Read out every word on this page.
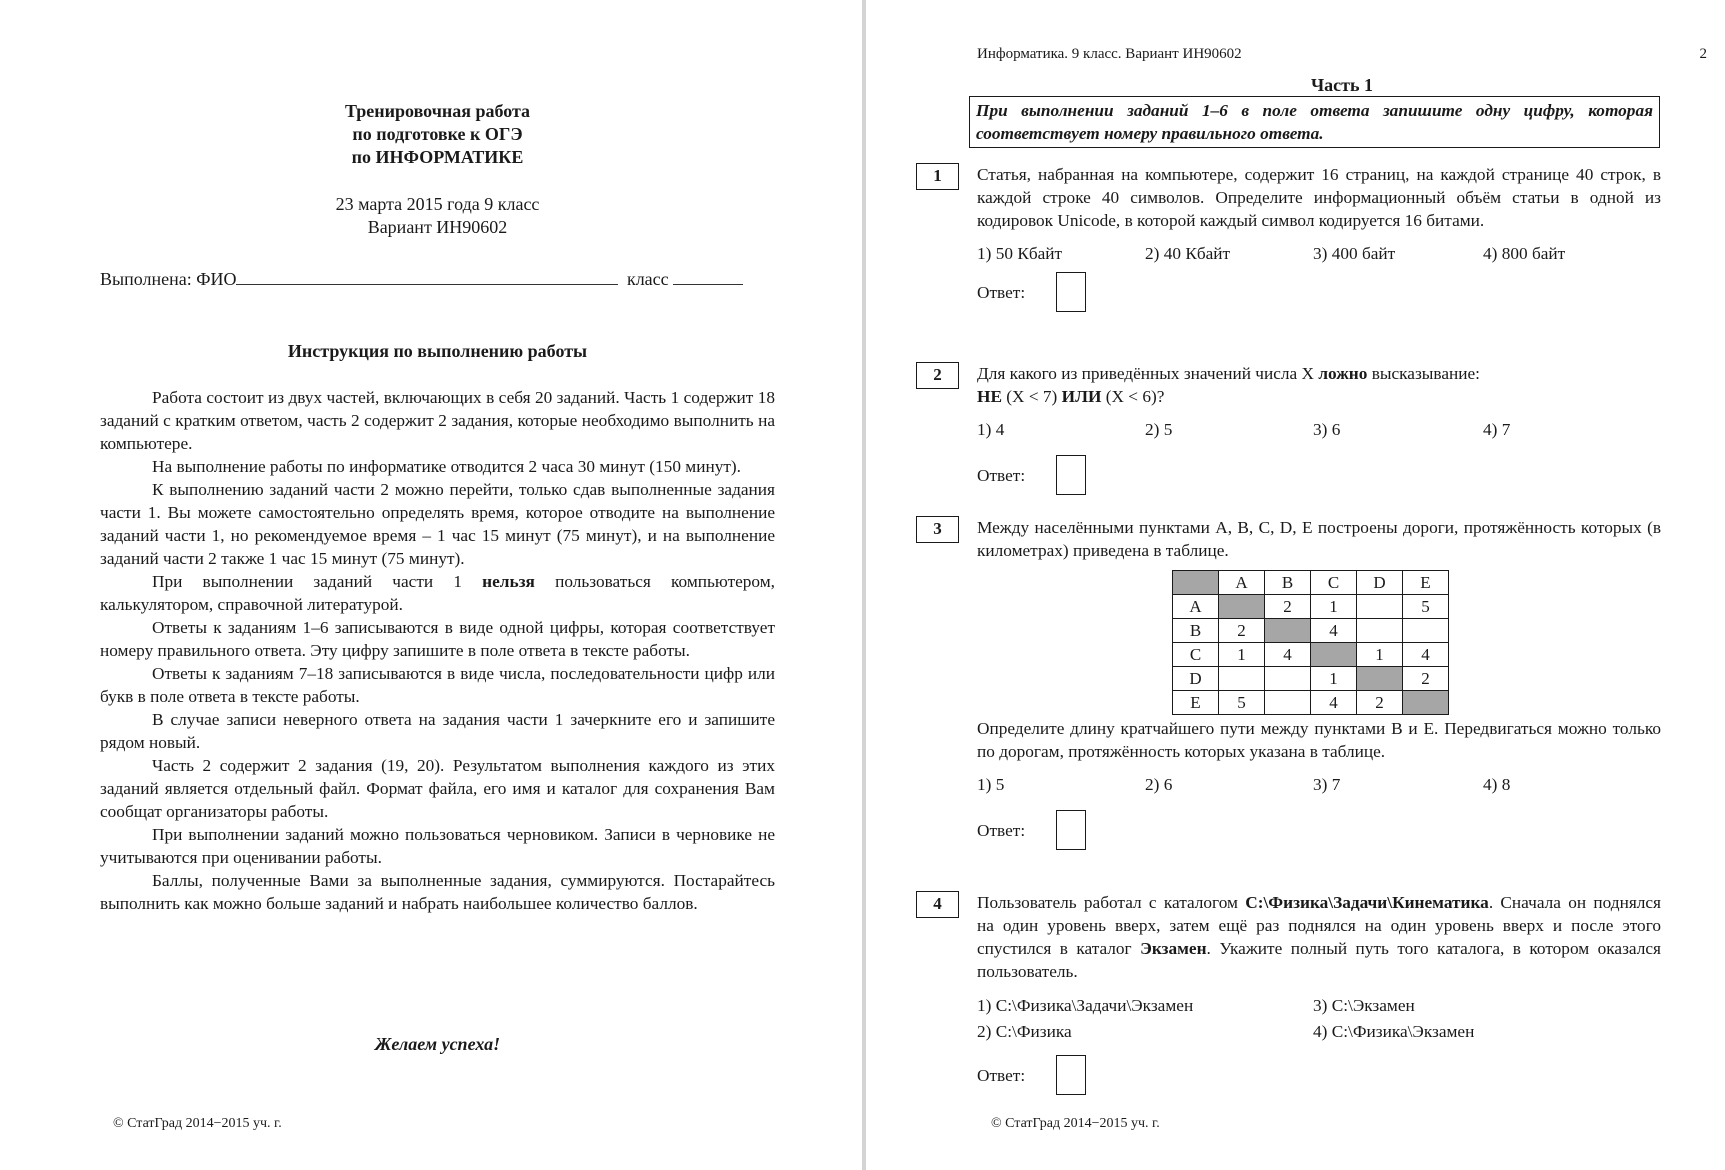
Тренировочная работа
по подготовке к ОГЭ
по ИНФОРМАТИКЕ
23 марта 2015 года 9 класс
Вариант ИН90602
Выполнена: ФИО	класс
Инструкция по выполнению работы

Работа состоит из двух частей, включающих в себя 20 заданий. Часть 1 содержит 18 заданий с кратким ответом, часть 2 содержит 2 задания, которые необходимо выполнить на компьютере.

На выполнение работы по информатике отводится 2 часа 30 минут (150 минут).

К выполнению заданий части 2 можно перейти, только сдав выполненные задания части 1. Вы можете самостоятельно определять время, которое отводите на выполнение заданий части 1, но рекомендуемое время – 1 час 15 минут (75 минут), и на выполнение заданий части 2 также 1 час 15 минут (75 минут).

При выполнении заданий части 1 нельзя пользоваться компьютером, калькулятором, справочной литературой.

Ответы к заданиям 1–6 записываются в виде одной цифры, которая соответствует номеру правильного ответа. Эту цифру запишите в поле ответа в тексте работы.

Ответы к заданиям 7–18 записываются в виде числа, последовательности цифр или букв в поле ответа в тексте работы.

В случае записи неверного ответа на задания части 1 зачеркните его и запишите рядом новый.

Часть 2 содержит 2 задания (19, 20). Результатом выполнения каждого из этих заданий является отдельный файл. Формат файла, его имя и каталог для сохранения Вам сообщат организаторы работы.

При выполнении заданий можно пользоваться черновиком. Записи в черновике не учитываются при оценивании работы.

Баллы, полученные Вами за выполненные задания, суммируются. Постарайтесь выполнить как можно больше заданий и набрать наибольшее количество баллов.

Желаем успеха!
© СтатГрад 2014−2015 уч. г.
Информатика. 9 класс. Вариант ИН90602	2
Часть 1
При выполнении заданий 1–6 в поле ответа запишите одну цифру, которая соответствует номеру правильного ответа.
1	Статья, набранная на компьютере, содержит 16 страниц, на каждой странице 40 строк, в каждой строке 40 символов. Определите информационный объём статьи в одной из кодировок Unicode, в которой каждый символ кодируется 16 битами.
1) 50 Кбайт	2) 40 Кбайт	3) 400 байт	4) 800 байт
Ответ:
2	Для какого из приведённых значений числа X ложно высказывание:
НЕ (X < 7) ИЛИ (X < 6)?
1) 4	2) 5	3) 6	4) 7
Ответ:
3	Между населёнными пунктами A, B, C, D, E построены дороги, протяжённость которых (в километрах) приведена в таблице.
	A	B	C	D	E
A		2	1		5
B	2		4		
C	1	4		1	4
D			1		2
E	5		4	2	
Определите длину кратчайшего пути между пунктами B и E. Передвигаться можно только по дорогам, протяжённость которых указана в таблице.
1) 5	2) 6	3) 7	4) 8
Ответ:
4	Пользователь работал с каталогом С:\Физика\Задачи\Кинематика. Сначала он поднялся на один уровень вверх, затем ещё раз поднялся на один уровень вверх и после этого спустился в каталог Экзамен. Укажите полный путь того каталога, в котором оказался пользователь.
1) С:\Физика\Задачи\Экзамен	3) С:\Экзамен
2) С:\Физика	4) С:\Физика\Экзамен
Ответ:
© СтатГрад 2014−2015 уч. г.
